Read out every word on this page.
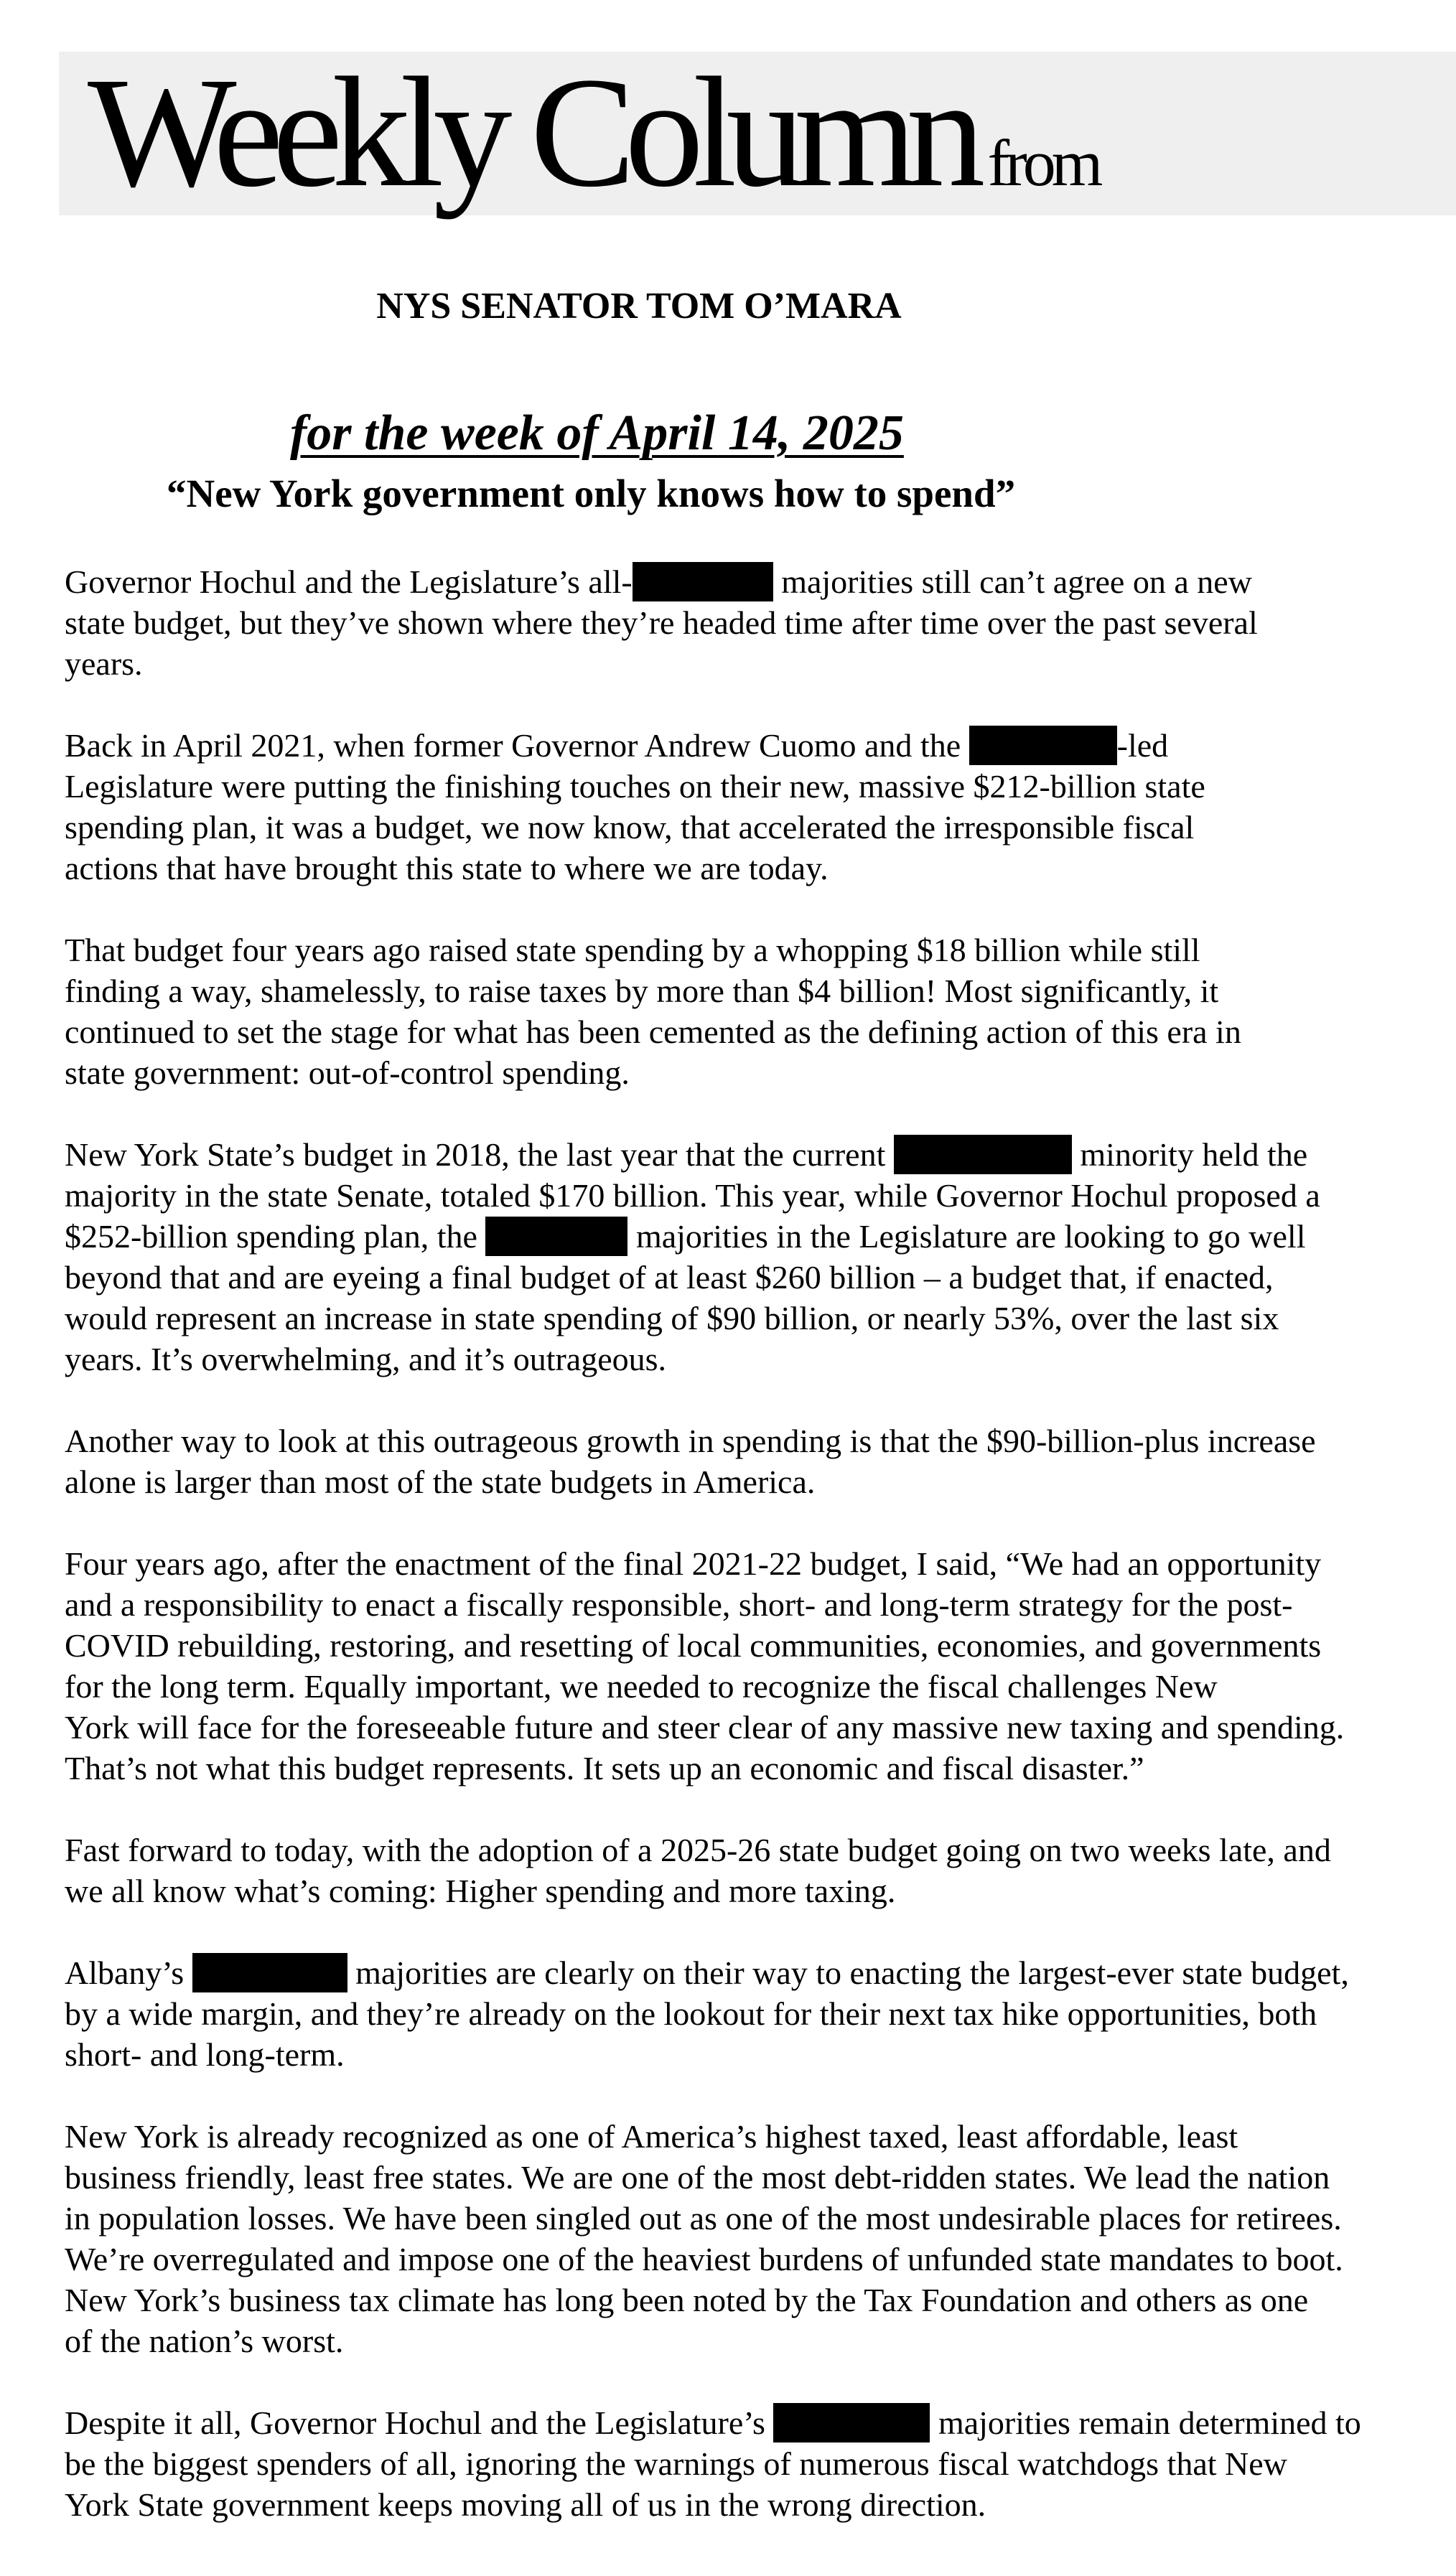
Weekly Column from
NYS SENATOR TOM O’MARA
for the week of April 14, 2025
“New York government only knows how to spend”

Governor Hochul and the Legislature’s all-	majorities still can’t agree on a new
state budget, but they’ve shown where they’re headed time after time over the past several
years.

Back in April 2021, when former Governor Andrew Cuomo and the	-led
Legislature were putting the finishing touches on their new, massive $212-billion state
spending plan, it was a budget, we now know, that accelerated the irresponsible fiscal
actions that have brought this state to where we are today.

That budget four years ago raised state spending by a whopping $18 billion while still
finding a way, shamelessly, to raise taxes by more than $4 billion! Most significantly, it
continued to set the stage for what has been cemented as the defining action of this era in
state government: out-of-control spending.

New York State’s budget in 2018, the last year that the current	minority held the
majority in the state Senate, totaled $170 billion. This year, while Governor Hochul proposed a
$252-billion spending plan, the	majorities in the Legislature are looking to go well
beyond that and are eyeing a final budget of at least $260 billion – a budget that, if enacted,
would represent an increase in state spending of $90 billion, or nearly 53%, over the last six
years. It’s overwhelming, and it’s outrageous.

Another way to look at this outrageous growth in spending is that the $90-billion-plus increase
alone is larger than most of the state budgets in America.

Four years ago, after the enactment of the final 2021-22 budget, I said, “We had an opportunity
and a responsibility to enact a fiscally responsible, short- and long-term strategy for the post-
COVID rebuilding, restoring, and resetting of local communities, economies, and governments
for the long term. Equally important, we needed to recognize the fiscal challenges New
York will face for the foreseeable future and steer clear of any massive new taxing and spending.
That’s not what this budget represents. It sets up an economic and fiscal disaster.”

Fast forward to today, with the adoption of a 2025-26 state budget going on two weeks late, and
we all know what’s coming: Higher spending and more taxing.

Albany’s	majorities are clearly on their way to enacting the largest-ever state budget,
by a wide margin, and they’re already on the lookout for their next tax hike opportunities, both
short- and long-term.

New York is already recognized as one of America’s highest taxed, least affordable, least
business friendly, least free states. We are one of the most debt-ridden states. We lead the nation
in population losses. We have been singled out as one of the most undesirable places for retirees.
We’re overregulated and impose one of the heaviest burdens of unfunded state mandates to boot.
New York’s business tax climate has long been noted by the Tax Foundation and others as one
of the nation’s worst.

Despite it all, Governor Hochul and the Legislature’s	majorities remain determined to
be the biggest spenders of all, ignoring the warnings of numerous fiscal watchdogs that New
York State government keeps moving all of us in the wrong direction.
